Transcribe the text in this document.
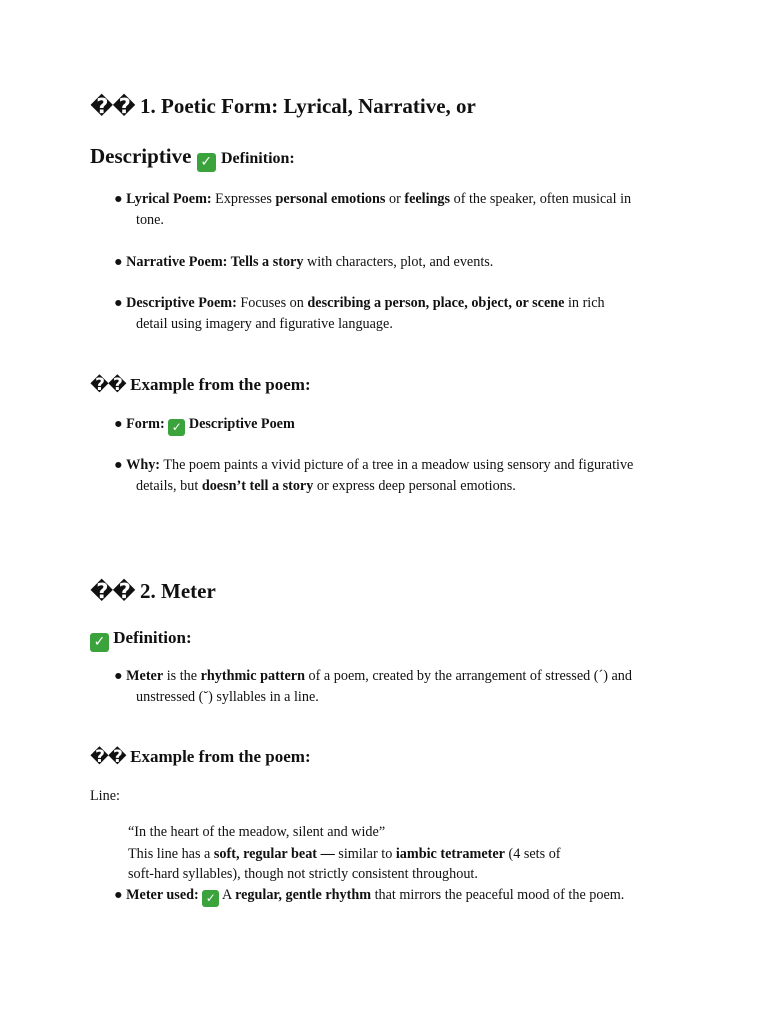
�� 1. Poetic Form: Lyrical, Narrative, or
Descriptive ✓ Definition:
● Lyrical Poem: Expresses personal emotions or feelings of the speaker, often musical in
tone.
● Narrative Poem: Tells a story with characters, plot, and events.
● Descriptive Poem: Focuses on describing a person, place, object, or scene in rich
detail using imagery and figurative language.
�� Example from the poem:
● Form: ✓ Descriptive Poem
● Why: The poem paints a vivid picture of a tree in a meadow using sensory and figurative
details, but doesn’t tell a story or express deep personal emotions.
�� 2. Meter
✓ Definition:
● Meter is the rhythmic pattern of a poem, created by the arrangement of stressed (´) and
unstressed (˘) syllables in a line.
�� Example from the poem:
Line:
“In the heart of the meadow, silent and wide”
This line has a soft, regular beat — similar to iambic tetrameter (4 sets of
soft-hard syllables), though not strictly consistent throughout.
● Meter used: ✓ A regular, gentle rhythm that mirrors the peaceful mood of the poem.
